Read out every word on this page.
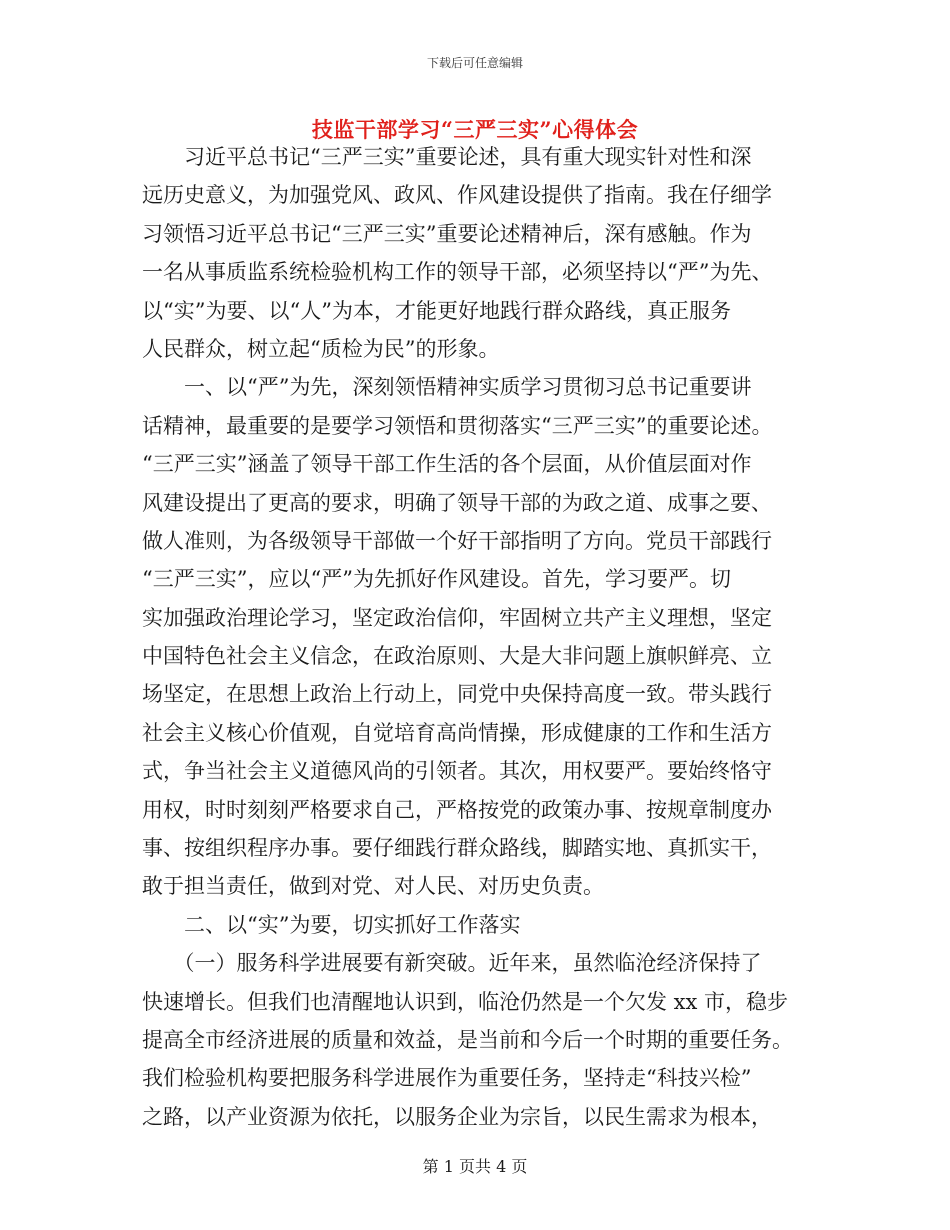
下载后可任意编辑
技监干部学习“三严三实”心得体会
　　习近平总书记“三严三实”重要论述，具有重大现实针对性和深
远历史意义，为加强党风、政风、作风建设提供了指南。我在仔细学
习领悟习近平总书记“三严三实”重要论述精神后，深有感触。作为
一名从事质监系统检验机构工作的领导干部，必须坚持以“严”为先、
以“实”为要、以“人”为本，才能更好地践行群众路线，真正服务
人民群众，树立起“质检为民”的形象。
　　一、以“严”为先，深刻领悟精神实质学习贯彻习总书记重要讲
话精神，最重要的是要学习领悟和贯彻落实“三严三实”的重要论述。
“三严三实”涵盖了领导干部工作生活的各个层面，从价值层面对作
风建设提出了更高的要求，明确了领导干部的为政之道、成事之要、
做人准则，为各级领导干部做一个好干部指明了方向。党员干部践行
“三严三实”，应以“严”为先抓好作风建设。首先，学习要严。切
实加强政治理论学习，坚定政治信仰，牢固树立共产主义理想，坚定
中国特色社会主义信念，在政治原则、大是大非问题上旗帜鲜亮、立
场坚定，在思想上政治上行动上，同党中央保持高度一致。带头践行
社会主义核心价值观，自觉培育高尚情操，形成健康的工作和生活方
式，争当社会主义道德风尚的引领者。其次，用权要严。要始终恪守
用权，时时刻刻严格要求自己，严格按党的政策办事、按规章制度办
事、按组织程序办事。要仔细践行群众路线，脚踏实地、真抓实干，
敢于担当责任，做到对党、对人民、对历史负责。
　　二、以“实”为要，切实抓好工作落实
　　（一）服务科学进展要有新突破。近年来，虽然临沧经济保持了
快速增长。但我们也清醒地认识到，临沧仍然是一个欠发 xx 市，稳步
提高全市经济进展的质量和效益，是当前和今后一个时期的重要任务。
我们检验机构要把服务科学进展作为重要任务，坚持走“科技兴检”
之路，以产业资源为依托，以服务企业为宗旨，以民生需求为根本，
第 1 页共 4 页
